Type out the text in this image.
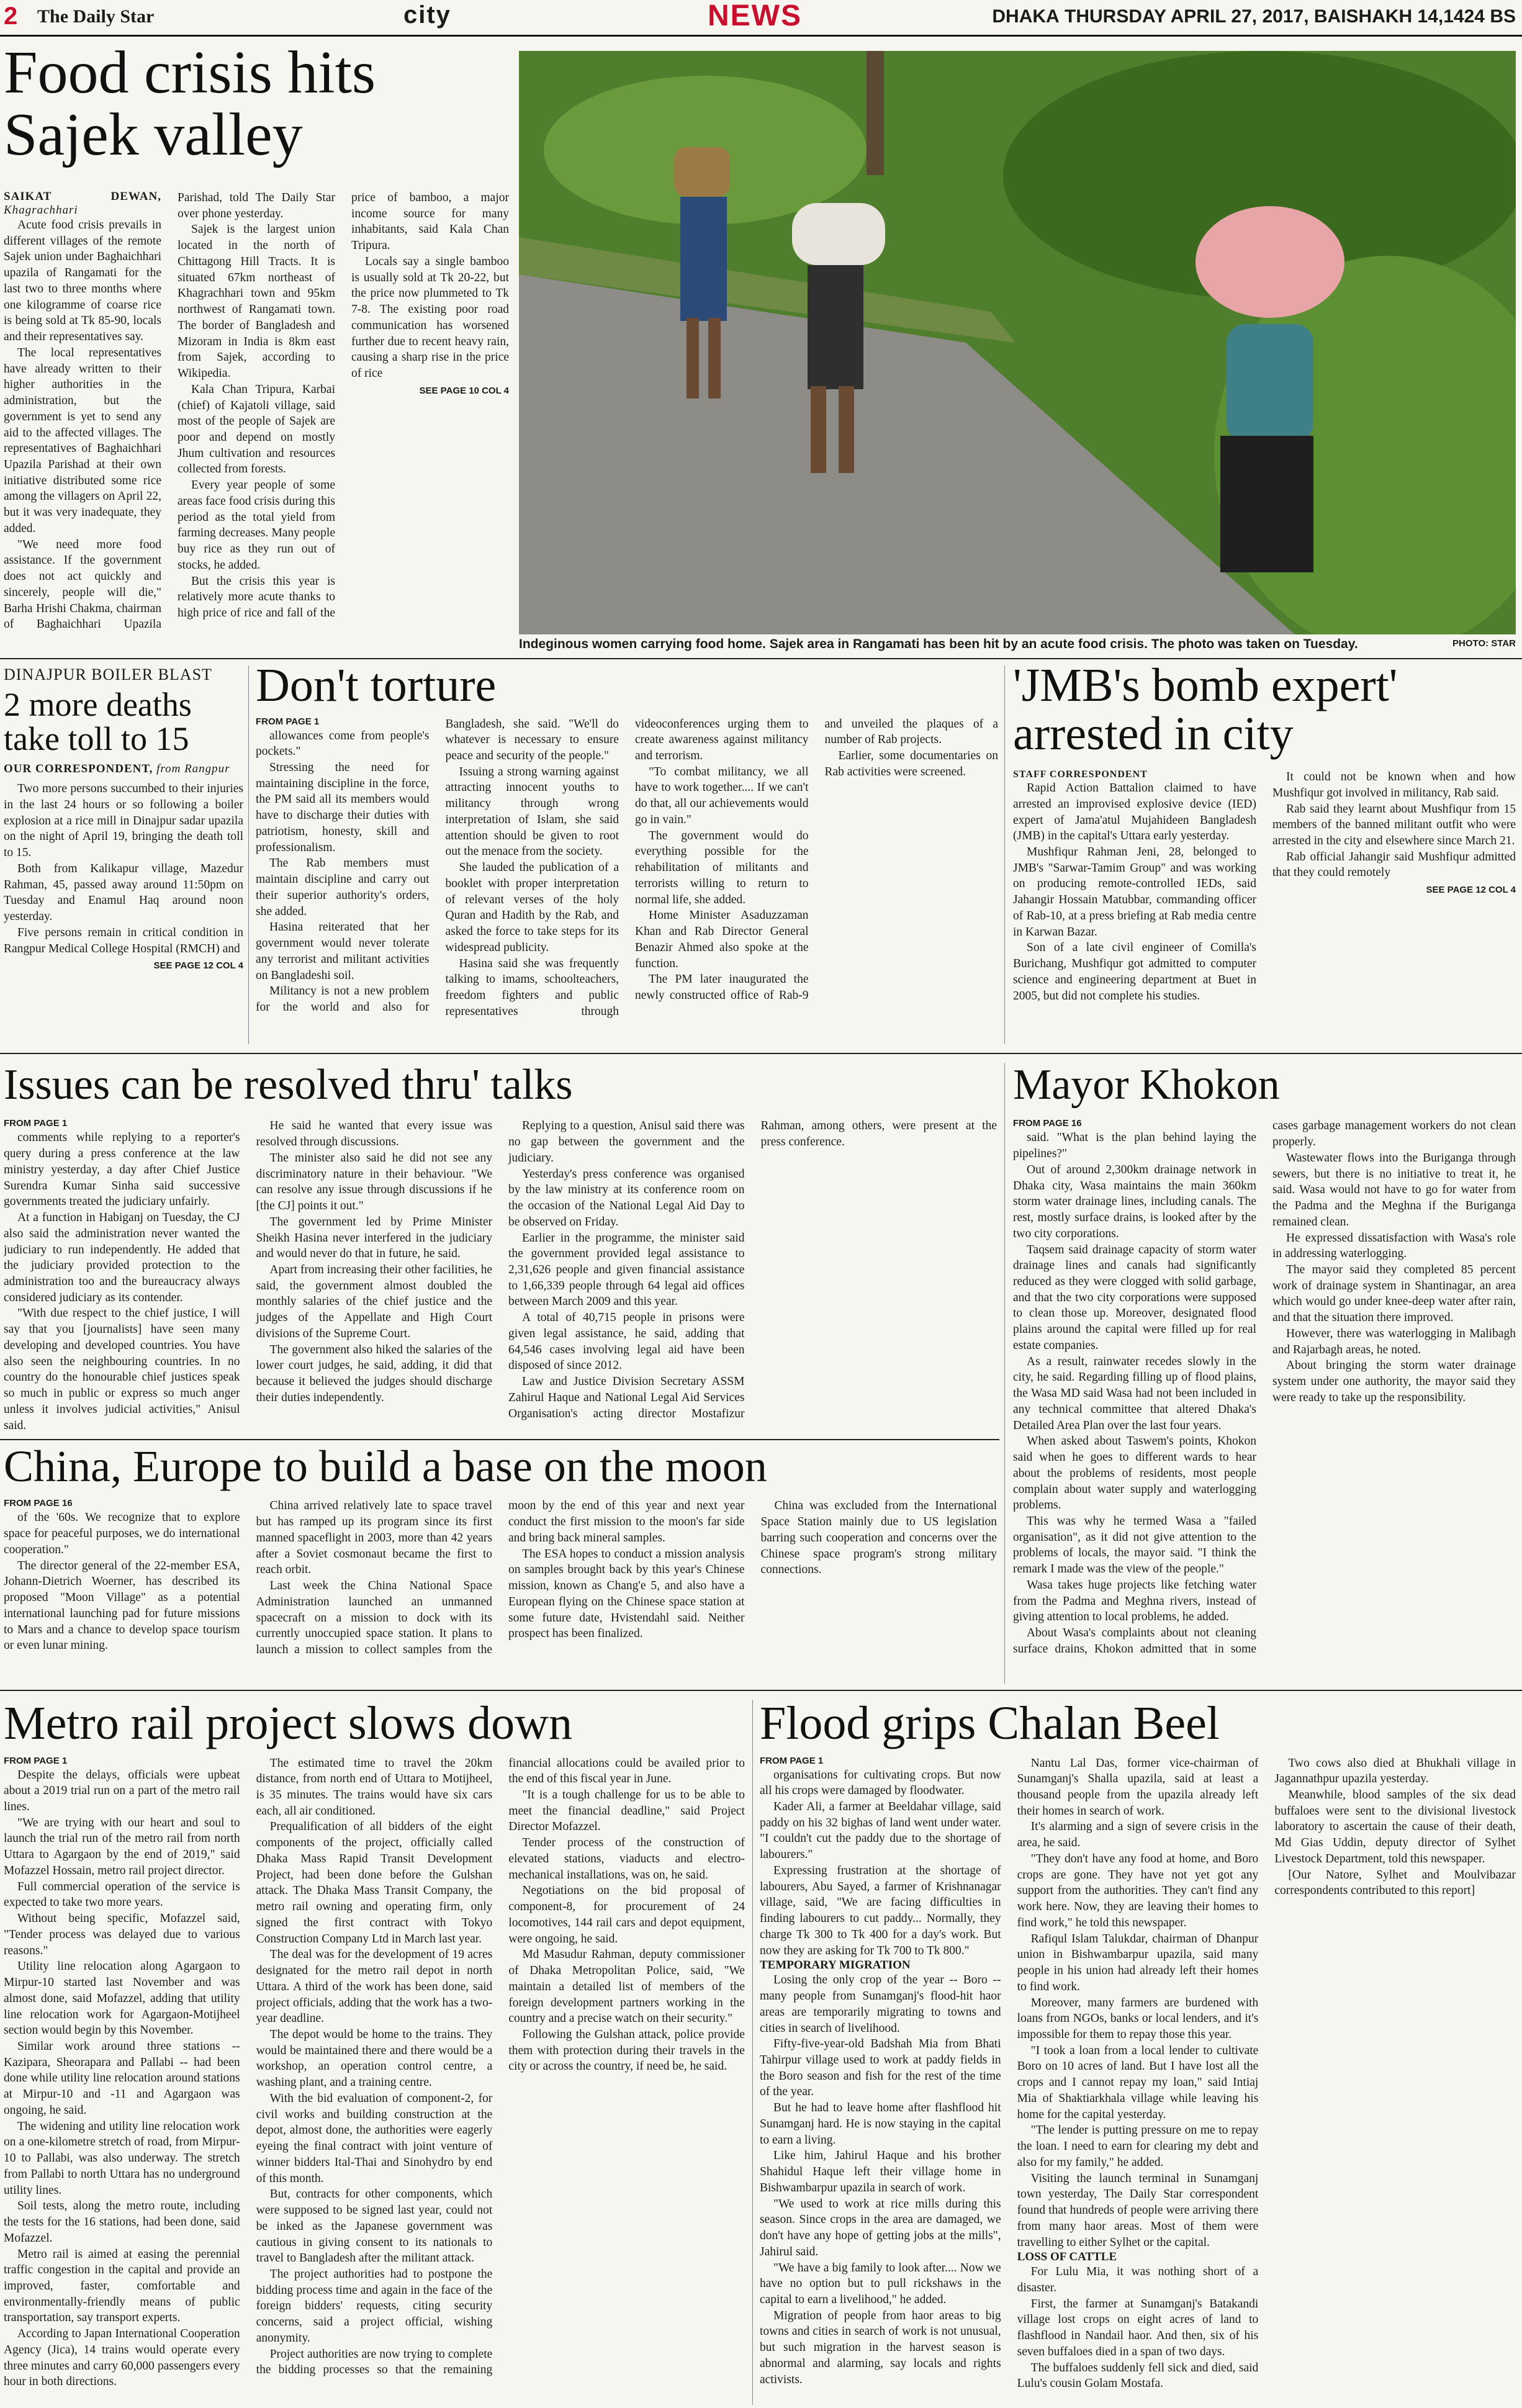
2 The Daily Star	city	NEWS	DHAKA THURSDAY APRIL 27, 2017, BAISHAKH 14,1424 BS
Food crisis hits Sajek valley
SAIKAT DEWAN, Khagrachhari

Acute food crisis prevails in different villages of the remote Sajek union under Baghaichhari upazila of Rangamati for the last two to three months where one kilogramme of coarse rice is being sold at Tk 85-90, locals and their representatives say.

The local representatives have already written to their higher authorities in the administration, but the government is yet to send any aid to the affected villages. The representatives of Baghaichhari Upazila Parishad at their own initiative distributed some rice among the villagers on April 22, but it was very inadequate, they added.

"We need more food assistance. If the government does not act quickly and sincerely, people will die," Barha Hrishi Chakma, chairman of Baghaichhari Upazila Parishad, told The Daily Star over phone yesterday.

Sajek is the largest union located in the north of Chittagong Hill Tracts. It is situated 67km northeast of Khagrachhari town and 95km northwest of Rangamati town. The border of Bangladesh and Mizoram in India is 8km east from Sajek, according to Wikipedia.

Kala Chan Tripura, Karbai (chief) of Kajatoli village, said most of the people of Sajek are poor and depend on mostly Jhum cultivation and resources collected from forests.

Every year people of some areas face food crisis during this period as the total yield from farming decreases. Many people buy rice as they run out of stocks, he added.

But the crisis this year is relatively more acute thanks to high price of rice and fall of the price of bamboo, a major income source for many inhabitants, said Kala Chan Tripura.

Locals say a single bamboo is usually sold at Tk 20-22, but the price now plummeted to Tk 7-8. The existing poor road communication has worsened further due to recent heavy rain, causing a sharp rise in the price of rice

SEE PAGE 10 COL 4
Indeginous women carrying food home. Sajek area in Rangamati has been hit by an acute food crisis. The photo was taken on Tuesday.	PHOTO: STAR
DINAJPUR BOILER BLAST
2 more deaths take toll to 15
OUR CORRESPONDENT, from Rangpur

Two more persons succumbed to their injuries in the last 24 hours or so following a boiler explosion at a rice mill in Dinajpur sadar upazila on the night of April 19, bringing the death toll to 15.

Both from Kalikapur village, Mazedur Rahman, 45, passed away around 11:50pm on Tuesday and Enamul Haq around noon yesterday.

Five persons remain in critical condition in Rangpur Medical College Hospital (RMCH) and

SEE PAGE 12 COL 4
Don't torture
FROM PAGE 1

allowances come from people's pockets."

Stressing the need for maintaining discipline in the force, the PM said all its members would have to discharge their duties with patriotism, honesty, skill and professionalism.

The Rab members must maintain discipline and carry out their superior authority's orders, she added.

Hasina reiterated that her government would never tolerate any terrorist and militant activities on Bangladeshi soil.

Militancy is not a new problem for the world and also for Bangladesh, she said. "We'll do whatever is necessary to ensure peace and security of the people."

Issuing a strong warning against attracting innocent youths to militancy through wrong interpretation of Islam, she said attention should be given to root out the menace from the society.

She lauded the publication of a booklet with proper interpretation of relevant verses of the holy Quran and Hadith by the Rab, and asked the force to take steps for its widespread publicity.

Hasina said she was frequently talking to imams, schoolteachers, freedom fighters and public representatives through videoconferences urging them to create awareness against militancy and terrorism.

"To combat militancy, we all have to work together.... If we can't do that, all our achievements would go in vain."

The government would do everything possible for the rehabilitation of militants and terrorists willing to return to normal life, she added.

Home Minister Asaduzzaman Khan and Rab Director General Benazir Ahmed also spoke at the function.

The PM later inaugurated the newly constructed office of Rab-9 and unveiled the plaques of a number of Rab projects.

Earlier, some documentaries on Rab activities were screened.

'JMB's bomb expert' arrested in city
STAFF CORRESPONDENT

Rapid Action Battalion claimed to have arrested an improvised explosive device (IED) expert of Jama'atul Mujahideen Bangladesh (JMB) in the capital's Uttara early yesterday.

Mushfiqur Rahman Jeni, 28, belonged to JMB's "Sarwar-Tamim Group" and was working on producing remote-controlled IEDs, said Jahangir Hossain Matubbar, commanding officer of Rab-10, at a press briefing at Rab media centre in Karwan Bazar.

Son of a late civil engineer of Comilla's Burichang, Mushfiqur got admitted to computer science and engineering department at Buet in 2005, but did not complete his studies.

It could not be known when and how Mushfiqur got involved in militancy, Rab said.

Rab said they learnt about Mushfiqur from 15 members of the banned militant outfit who were arrested in the city and elsewhere since March 21.

Rab official Jahangir said Mushfiqur admitted that they could remotely

SEE PAGE 12 COL 4
Issues can be resolved thru' talks
FROM PAGE 1

comments while replying to a reporter's query during a press conference at the law ministry yesterday, a day after Chief Justice Surendra Kumar Sinha said successive governments treated the judiciary unfairly.

At a function in Habiganj on Tuesday, the CJ also said the administration never wanted the judiciary to run independently. He added that the judiciary provided protection to the administration too and the bureaucracy always considered judiciary as its contender.

"With due respect to the chief justice, I will say that you [journalists] have seen many developing and developed countries. You have also seen the neighbouring countries. In no country do the honourable chief justices speak so much in public or express so much anger unless it involves judicial activities," Anisul said.

He said he wanted that every issue was resolved through discussions.

The minister also said he did not see any discriminatory nature in their behaviour. "We can resolve any issue through discussions if he [the CJ] points it out."

The government led by Prime Minister Sheikh Hasina never interfered in the judiciary and would never do that in future, he said.

Apart from increasing their other facilities, he said, the government almost doubled the monthly salaries of the chief justice and the judges of the Appellate and High Court divisions of the Supreme Court.

The government also hiked the salaries of the lower court judges, he said, adding, it did that because it believed the judges should discharge their duties independently.

Replying to a question, Anisul said there was no gap between the government and the judiciary.

Yesterday's press conference was organised by the law ministry at its conference room on the occasion of the National Legal Aid Day to be observed on Friday.

Earlier in the programme, the minister said the government provided legal assistance to 2,31,626 people and given financial assistance to 1,66,339 people through 64 legal aid offices between March 2009 and this year.

A total of 40,715 people in prisons were given legal assistance, he said, adding that 64,546 cases involving legal aid have been disposed of since 2012.

Law and Justice Division Secretary ASSM Zahirul Haque and National Legal Aid Services Organisation's acting director Mostafizur Rahman, among others, were present at the press conference.

Mayor Khokon
FROM PAGE 16

said. "What is the plan behind laying the pipelines?"

Out of around 2,300km drainage network in Dhaka city, Wasa maintains the main 360km storm water drainage lines, including canals. The rest, mostly surface drains, is looked after by the two city corporations.

Taqsem said drainage capacity of storm water drainage lines and canals had significantly reduced as they were clogged with solid garbage, and that the two city corporations were supposed to clean those up. Moreover, designated flood plains around the capital were filled up for real estate companies.

As a result, rainwater recedes slowly in the city, he said. Regarding filling up of flood plains, the Wasa MD said Wasa had not been included in any technical committee that altered Dhaka's Detailed Area Plan over the last four years.

When asked about Taswem's points, Khokon said when he goes to different wards to hear about the problems of residents, most people complain about water supply and waterlogging problems.

This was why he termed Wasa a "failed organisation", as it did not give attention to the problems of locals, the mayor said. "I think the remark I made was the view of the people."

Wasa takes huge projects like fetching water from the Padma and Meghna rivers, instead of giving attention to local problems, he added.

About Wasa's complaints about not cleaning surface drains, Khokon admitted that in some cases garbage management workers do not clean properly.

Wastewater flows into the Buriganga through sewers, but there is no initiative to treat it, he said. Wasa would not have to go for water from the Padma and the Meghna if the Buriganga remained clean.

He expressed dissatisfaction with Wasa's role in addressing waterlogging.

The mayor said they completed 85 percent work of drainage system in Shantinagar, an area which would go under knee-deep water after rain, and that the situation there improved.

However, there was waterlogging in Malibagh and Rajarbagh areas, he noted.

About bringing the storm water drainage system under one authority, the mayor said they were ready to take up the responsibility.

China, Europe to build a base on the moon
FROM PAGE 16

of the '60s. We recognize that to explore space for peaceful purposes, we do international cooperation."

The director general of the 22-member ESA, Johann-Dietrich Woerner, has described its proposed "Moon Village" as a potential international launching pad for future missions to Mars and a chance to develop space tourism or even lunar mining.

China arrived relatively late to space travel but has ramped up its program since its first manned spaceflight in 2003, more than 42 years after a Soviet cosmonaut became the first to reach orbit.

Last week the China National Space Administration launched an unmanned spacecraft on a mission to dock with its currently unoccupied space station. It plans to launch a mission to collect samples from the moon by the end of this year and next year conduct the first mission to the moon's far side and bring back mineral samples.

The ESA hopes to conduct a mission analysis on samples brought back by this year's Chinese mission, known as Chang'e 5, and also have a European flying on the Chinese space station at some future date, Hvistendahl said. Neither prospect has been finalized.

China was excluded from the International Space Station mainly due to US legislation barring such cooperation and concerns over the Chinese space program's strong military connections.

Metro rail project slows down
FROM PAGE 1

Despite the delays, officials were upbeat about a 2019 trial run on a part of the metro rail lines.

"We are trying with our heart and soul to launch the trial run of the metro rail from north Uttara to Agargaon by the end of 2019," said Mofazzel Hossain, metro rail project director.

Full commercial operation of the service is expected to take two more years.

Without being specific, Mofazzel said, "Tender process was delayed due to various reasons."

Utility line relocation along Agargaon to Mirpur-10 started last November and was almost done, said Mofazzel, adding that utility line relocation work for Agargaon-Motijheel section would begin by this November.

Similar work around three stations -- Kazipara, Sheorapara and Pallabi -- had been done while utility line relocation around stations at Mirpur-10 and -11 and Agargaon was ongoing, he said.

The widening and utility line relocation work on a one-kilometre stretch of road, from Mirpur-10 to Pallabi, was also underway. The stretch from Pallabi to north Uttara has no underground utility lines.

Soil tests, along the metro route, including the tests for the 16 stations, had been done, said Mofazzel.

Metro rail is aimed at easing the perennial traffic congestion in the capital and provide an improved, faster, comfortable and environmentally-friendly means of public transportation, say transport experts.

According to Japan International Cooperation Agency (Jica), 14 trains would operate every three minutes and carry 60,000 passengers every hour in both directions.

The estimated time to travel the 20km distance, from north end of Uttara to Motijheel, is 35 minutes. The trains would have six cars each, all air conditioned.

Prequalification of all bidders of the eight components of the project, officially called Dhaka Mass Rapid Transit Development Project, had been done before the Gulshan attack. The Dhaka Mass Transit Company, the metro rail owning and operating firm, only signed the first contract with Tokyo Construction Company Ltd in March last year.

The deal was for the development of 19 acres designated for the metro rail depot in north Uttara. A third of the work has been done, said project officials, adding that the work has a two-year deadline.

The depot would be home to the trains. They would be maintained there and there would be a workshop, an operation control centre, a washing plant, and a training centre.

With the bid evaluation of component-2, for civil works and building construction at the depot, almost done, the authorities were eagerly eyeing the final contract with joint venture of winner bidders Ital-Thai and Sinohydro by end of this month.

But, contracts for other components, which were supposed to be signed last year, could not be inked as the Japanese government was cautious in giving consent to its nationals to travel to Bangladesh after the militant attack.

The project authorities had to postpone the bidding process time and again in the face of the foreign bidders' requests, citing security concerns, said a project official, wishing anonymity.

Project authorities are now trying to complete the bidding processes so that the remaining financial allocations could be availed prior to the end of this fiscal year in June.

"It is a tough challenge for us to be able to meet the financial deadline," said Project Director Mofazzel.

Tender process of the construction of elevated stations, viaducts and electro-mechanical installations, was on, he said.

Negotiations on the bid proposal of component-8, for procurement of 24 locomotives, 144 rail cars and depot equipment, were ongoing, he said.

Md Masudur Rahman, deputy commissioner of Dhaka Metropolitan Police, said, "We maintain a detailed list of members of the foreign development partners working in the country and a precise watch on their security."

Following the Gulshan attack, police provide them with protection during their travels in the city or across the country, if need be, he said.

Flood grips Chalan Beel
FROM PAGE 1

organisations for cultivating crops. But now all his crops were damaged by floodwater.

Kader Ali, a farmer at Beeldahar village, said paddy on his 32 bighas of land went under water. "I couldn't cut the paddy due to the shortage of labourers."

Expressing frustration at the shortage of labourers, Abu Sayed, a farmer of Krishnanagar village, said, "We are facing difficulties in finding labourers to cut paddy... Normally, they charge Tk 300 to Tk 400 for a day's work. But now they are asking for Tk 700 to Tk 800."

TEMPORARY MIGRATION

Losing the only crop of the year -- Boro -- many people from Sunamganj's flood-hit haor areas are temporarily migrating to towns and cities in search of livelihood.

Fifty-five-year-old Badshah Mia from Bhati Tahirpur village used to work at paddy fields in the Boro season and fish for the rest of the time of the year.

But he had to leave home after flashflood hit Sunamganj hard. He is now staying in the capital to earn a living.

Like him, Jahirul Haque and his brother Shahidul Haque left their village home in Bishwambarpur upazila in search of work.

"We used to work at rice mills during this season. Since crops in the area are damaged, we don't have any hope of getting jobs at the mills", Jahirul said.

"We have a big family to look after.... Now we have no option but to pull rickshaws in the capital to earn a livelihood," he added.

Migration of people from haor areas to big towns and cities in search of work is not unusual, but such migration in the harvest season is abnormal and alarming, say locals and rights activists.

Nantu Lal Das, former vice-chairman of Sunamganj's Shalla upazila, said at least a thousand people from the upazila already left their homes in search of work.

It's alarming and a sign of severe crisis in the area, he said.

"They don't have any food at home, and Boro crops are gone. They have not yet got any support from the authorities. They can't find any work here. Now, they are leaving their homes to find work," he told this newspaper.

Rafiqul Islam Talukdar, chairman of Dhanpur union in Bishwambarpur upazila, said many people in his union had already left their homes to find work.

Moreover, many farmers are burdened with loans from NGOs, banks or local lenders, and it's impossible for them to repay those this year.

"I took a loan from a local lender to cultivate Boro on 10 acres of land. But I have lost all the crops and I cannot repay my loan," said Intiaj Mia of Shaktiarkhala village while leaving his home for the capital yesterday.

"The lender is putting pressure on me to repay the loan. I need to earn for clearing my debt and also for my family," he added.

Visiting the launch terminal in Sunamganj town yesterday, The Daily Star correspondent found that hundreds of people were arriving there from many haor areas. Most of them were travelling to either Sylhet or the capital.

LOSS OF CATTLE

For Lulu Mia, it was nothing short of a disaster.

First, the farmer at Sunamganj's Batakandi village lost crops on eight acres of land to flashflood in Nandail haor. And then, six of his seven buffaloes died in a span of two days.

The buffaloes suddenly fell sick and died, said Lulu's cousin Golam Mostafa.

Two cows also died at Bhukhali village in Jagannathpur upazila yesterday.

Meanwhile, blood samples of the six dead buffaloes were sent to the divisional livestock laboratory to ascertain the cause of their death, Md Gias Uddin, deputy director of Sylhet Livestock Department, told this newspaper.

[Our Natore, Sylhet and Moulvibazar correspondents contributed to this report]
